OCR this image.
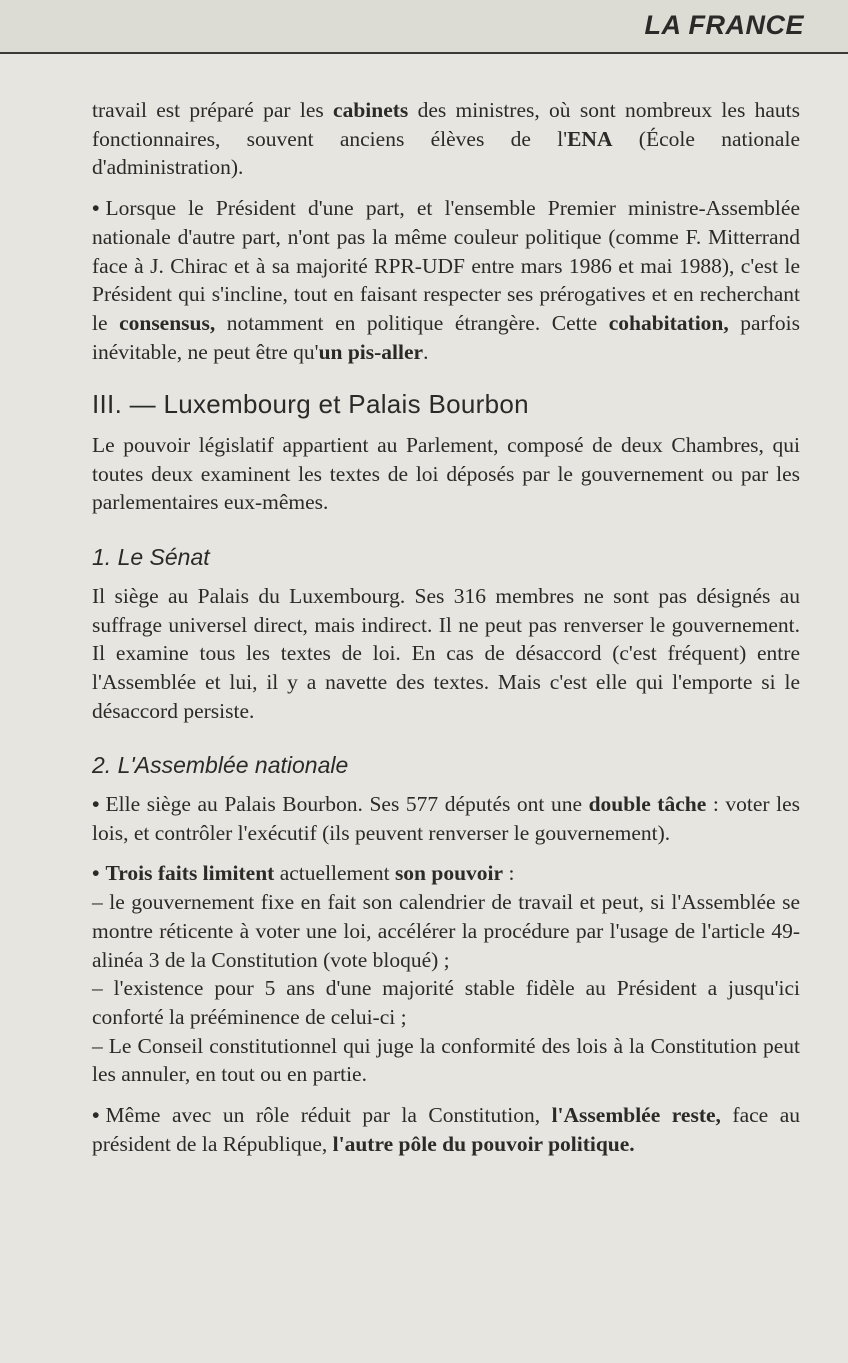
LA FRANCE

travail est préparé par les cabinets des ministres, où sont nombreux les hauts fonctionnaires, souvent anciens élèves de l'ENA (École nationale d'administration).

• Lorsque le Président d'une part, et l'ensemble Premier ministre-Assemblée nationale d'autre part, n'ont pas la même couleur politique (comme F. Mitterrand face à J. Chirac et à sa majorité RPR-UDF entre mars 1986 et mai 1988), c'est le Président qui s'incline, tout en faisant respecter ses prérogatives et en recherchant le consensus, notamment en politique étrangère. Cette cohabitation, parfois inévitable, ne peut être qu'un pis-aller.

III. — Luxembourg et Palais Bourbon

Le pouvoir législatif appartient au Parlement, composé de deux Chambres, qui toutes deux examinent les textes de loi déposés par le gouvernement ou par les parlementaires eux-mêmes.

1. Le Sénat

Il siège au Palais du Luxembourg. Ses 316 membres ne sont pas désignés au suffrage universel direct, mais indirect. Il ne peut pas renverser le gouvernement. Il examine tous les textes de loi. En cas de désaccord (c'est fréquent) entre l'Assemblée et lui, il y a navette des textes. Mais c'est elle qui l'emporte si le désaccord persiste.

2. L'Assemblée nationale

• Elle siège au Palais Bourbon. Ses 577 députés ont une double tâche : voter les lois, et contrôler l'exécutif (ils peuvent renverser le gouvernement).

• Trois faits limitent actuellement son pouvoir :
– le gouvernement fixe en fait son calendrier de travail et peut, si l'Assemblée se montre réticente à voter une loi, accélérer la procédure par l'usage de l'article 49-alinéa 3 de la Constitution (vote bloqué) ;
– l'existence pour 5 ans d'une majorité stable fidèle au Président a jusqu'ici conforté la prééminence de celui-ci ;
– Le Conseil constitutionnel qui juge la conformité des lois à la Constitution peut les annuler, en tout ou en partie.

• Même avec un rôle réduit par la Constitution, l'Assemblée reste, face au président de la République, l'autre pôle du pouvoir politique.
